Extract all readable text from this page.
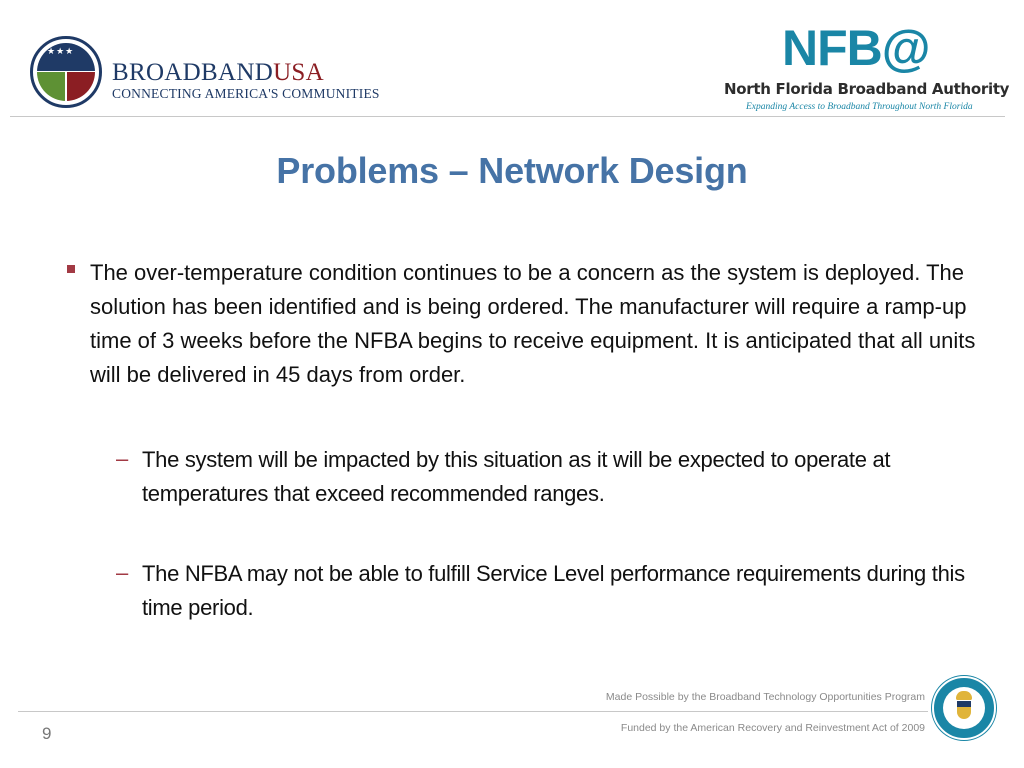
★★★
BROADBANDUSA
CONNECTING AMERICA'S COMMUNITIES
NFB@
North Florida Broadband Authority
Expanding Access to Broadband Throughout North Florida
Problems – Network Design
The over-temperature condition continues to be a concern as the system is deployed. The solution has been identified and is being ordered. The manufacturer will require a ramp-up time of 3 weeks before the NFBA begins to receive equipment. It is anticipated that all units will be delivered in 45 days from order.
– The system will be impacted by this situation as it will be expected to operate at temperatures that exceed recommended ranges.
– The NFBA may not be able to fulfill Service Level performance requirements during this time period.
Made Possible by the Broadband Technology Opportunities Program
Funded by the American Recovery and Reinvestment Act of 2009
9
